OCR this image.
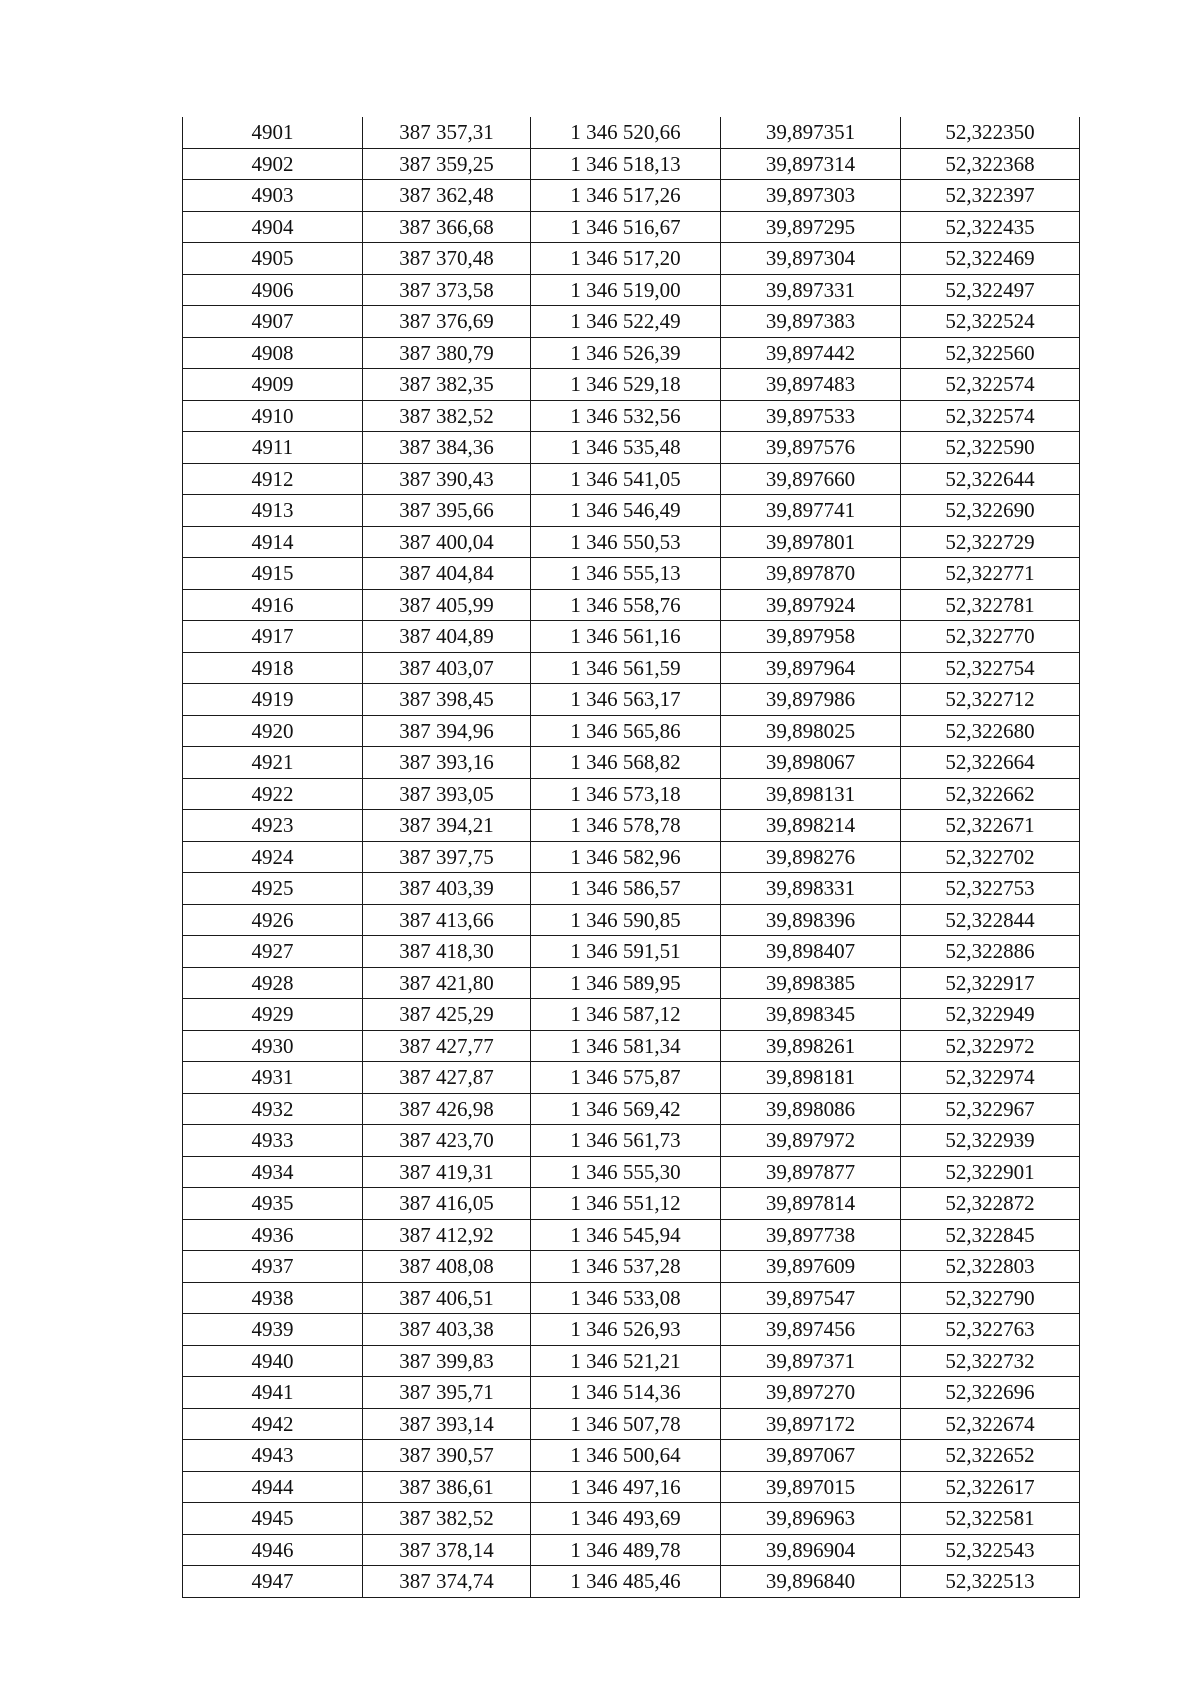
4901	387 357,31	1 346 520,66	39,897351	52,322350
4902	387 359,25	1 346 518,13	39,897314	52,322368
4903	387 362,48	1 346 517,26	39,897303	52,322397
4904	387 366,68	1 346 516,67	39,897295	52,322435
4905	387 370,48	1 346 517,20	39,897304	52,322469
4906	387 373,58	1 346 519,00	39,897331	52,322497
4907	387 376,69	1 346 522,49	39,897383	52,322524
4908	387 380,79	1 346 526,39	39,897442	52,322560
4909	387 382,35	1 346 529,18	39,897483	52,322574
4910	387 382,52	1 346 532,56	39,897533	52,322574
4911	387 384,36	1 346 535,48	39,897576	52,322590
4912	387 390,43	1 346 541,05	39,897660	52,322644
4913	387 395,66	1 346 546,49	39,897741	52,322690
4914	387 400,04	1 346 550,53	39,897801	52,322729
4915	387 404,84	1 346 555,13	39,897870	52,322771
4916	387 405,99	1 346 558,76	39,897924	52,322781
4917	387 404,89	1 346 561,16	39,897958	52,322770
4918	387 403,07	1 346 561,59	39,897964	52,322754
4919	387 398,45	1 346 563,17	39,897986	52,322712
4920	387 394,96	1 346 565,86	39,898025	52,322680
4921	387 393,16	1 346 568,82	39,898067	52,322664
4922	387 393,05	1 346 573,18	39,898131	52,322662
4923	387 394,21	1 346 578,78	39,898214	52,322671
4924	387 397,75	1 346 582,96	39,898276	52,322702
4925	387 403,39	1 346 586,57	39,898331	52,322753
4926	387 413,66	1 346 590,85	39,898396	52,322844
4927	387 418,30	1 346 591,51	39,898407	52,322886
4928	387 421,80	1 346 589,95	39,898385	52,322917
4929	387 425,29	1 346 587,12	39,898345	52,322949
4930	387 427,77	1 346 581,34	39,898261	52,322972
4931	387 427,87	1 346 575,87	39,898181	52,322974
4932	387 426,98	1 346 569,42	39,898086	52,322967
4933	387 423,70	1 346 561,73	39,897972	52,322939
4934	387 419,31	1 346 555,30	39,897877	52,322901
4935	387 416,05	1 346 551,12	39,897814	52,322872
4936	387 412,92	1 346 545,94	39,897738	52,322845
4937	387 408,08	1 346 537,28	39,897609	52,322803
4938	387 406,51	1 346 533,08	39,897547	52,322790
4939	387 403,38	1 346 526,93	39,897456	52,322763
4940	387 399,83	1 346 521,21	39,897371	52,322732
4941	387 395,71	1 346 514,36	39,897270	52,322696
4942	387 393,14	1 346 507,78	39,897172	52,322674
4943	387 390,57	1 346 500,64	39,897067	52,322652
4944	387 386,61	1 346 497,16	39,897015	52,322617
4945	387 382,52	1 346 493,69	39,896963	52,322581
4946	387 378,14	1 346 489,78	39,896904	52,322543
4947	387 374,74	1 346 485,46	39,896840	52,322513
